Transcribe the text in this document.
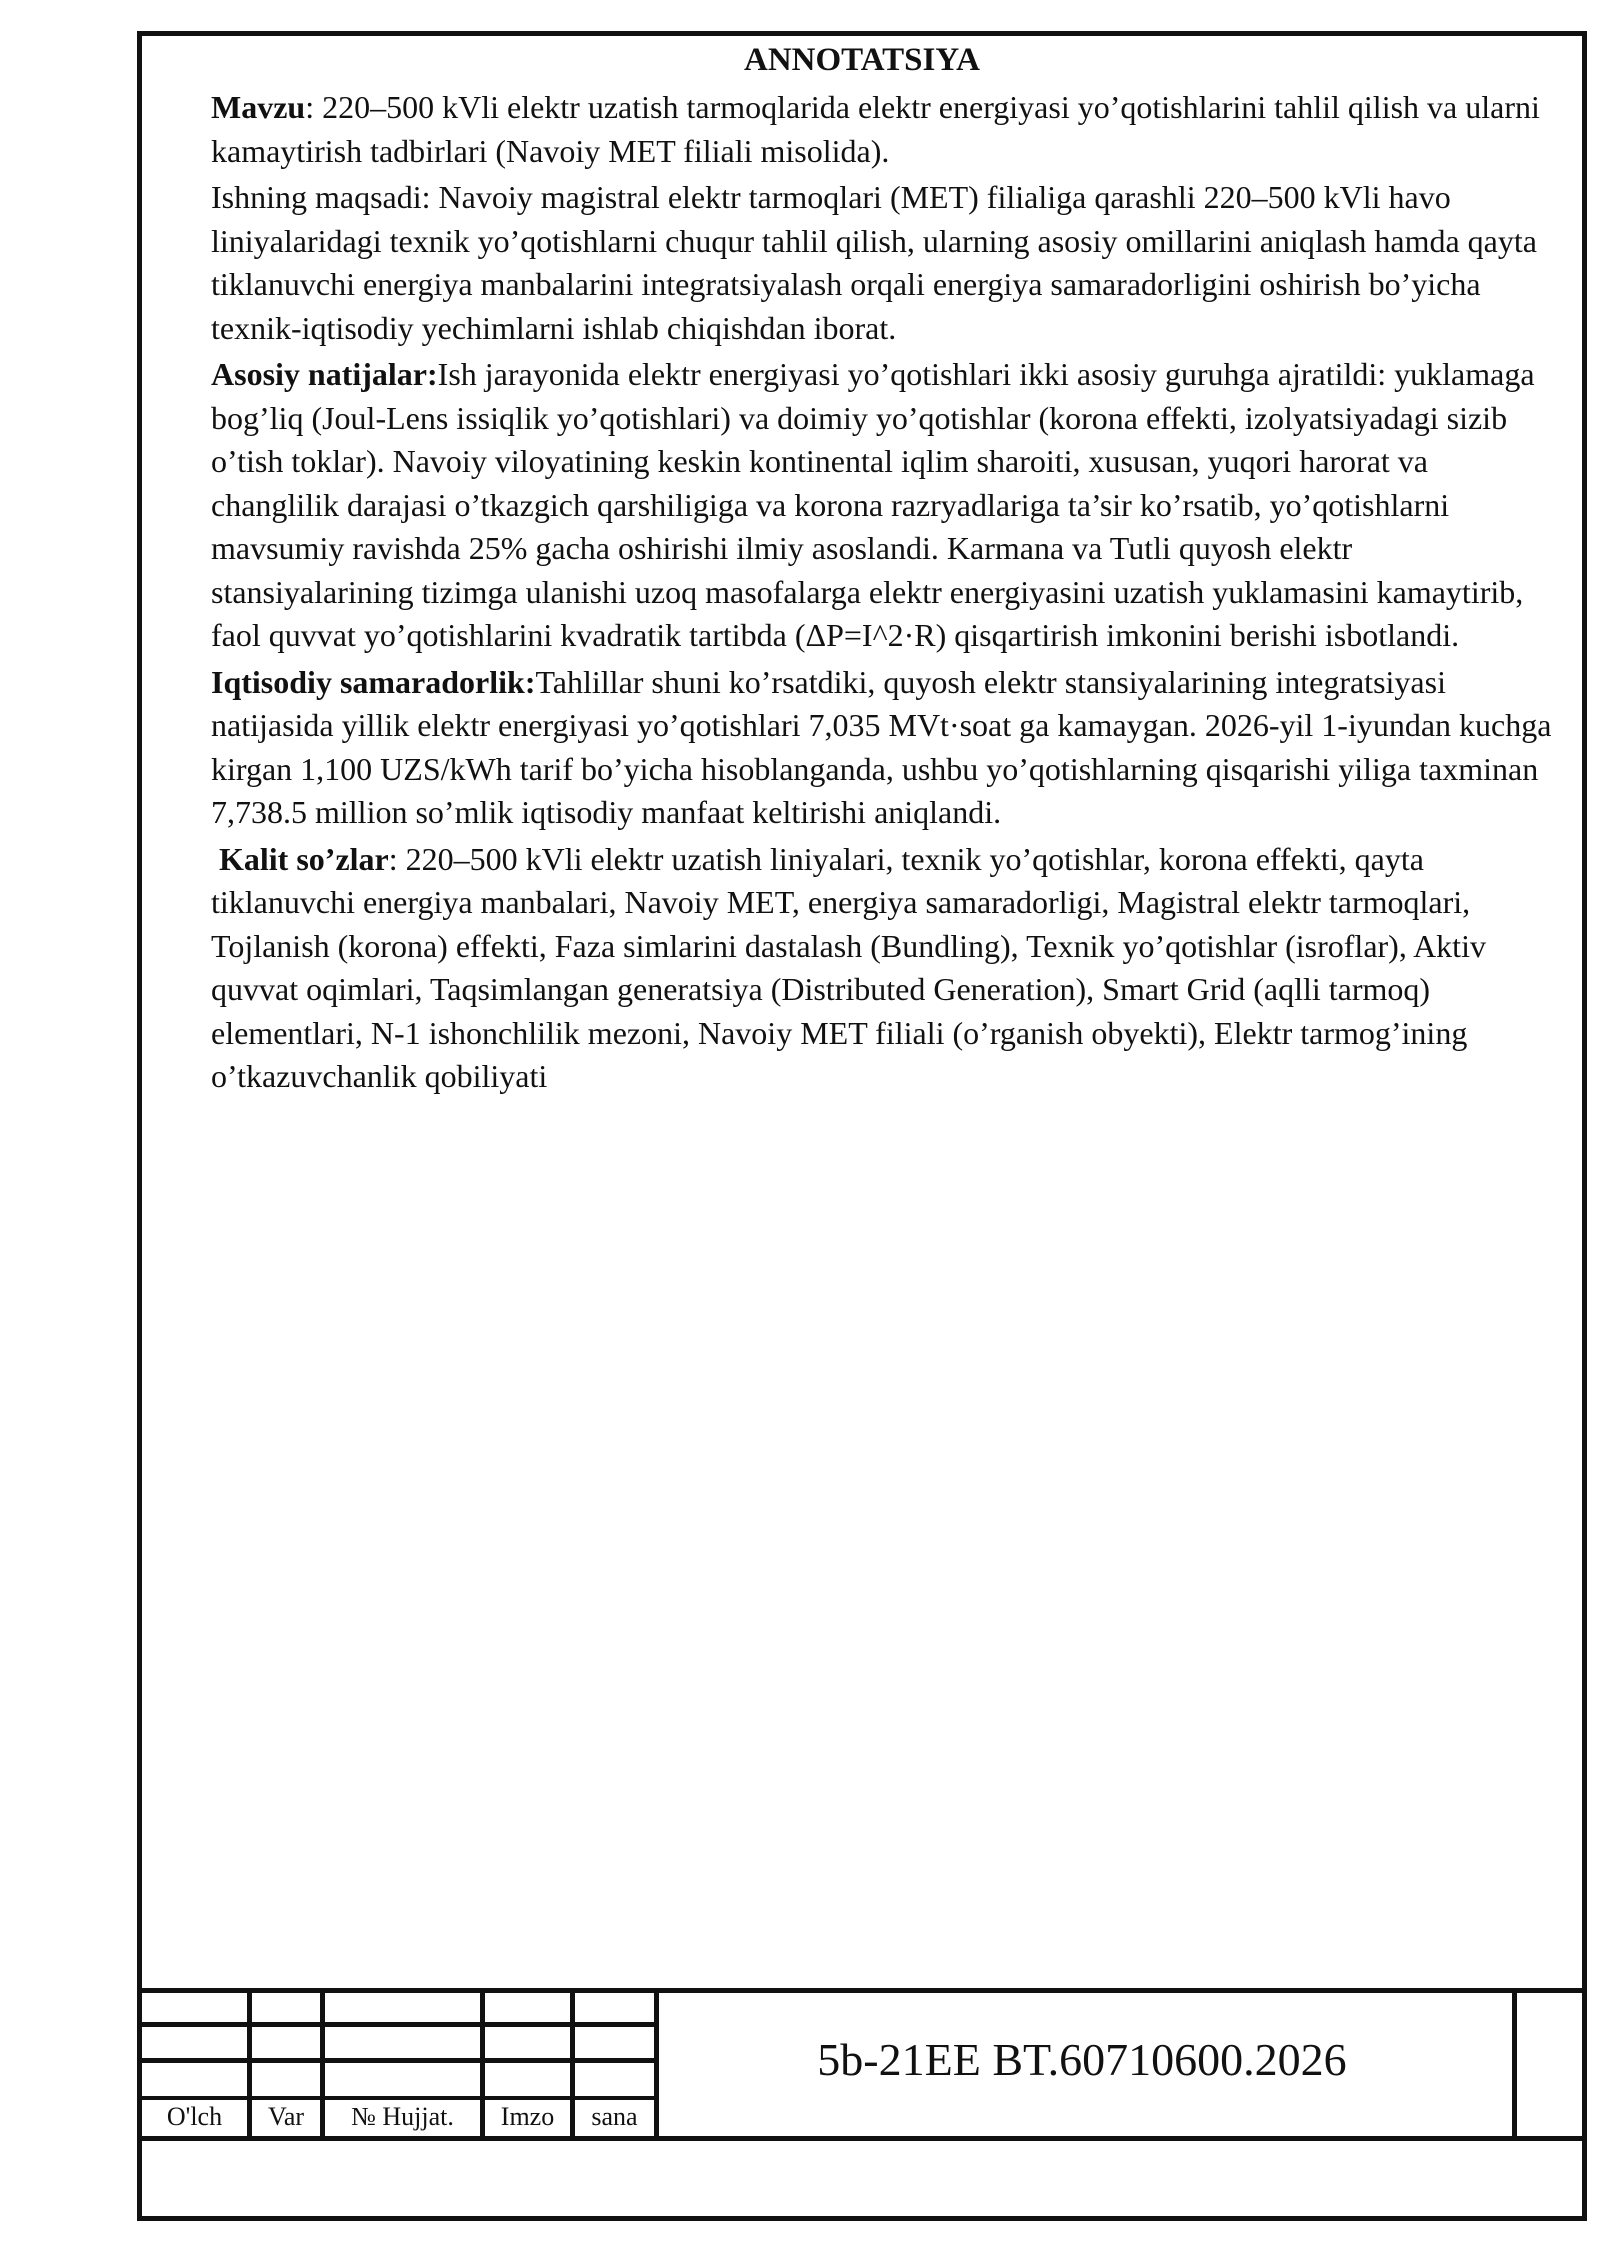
ANNOTATSIYA

Mavzu: 220–500 kVli elektr uzatish tarmoqlarida elektr energiyasi yo’qotishlarini tahlil qilish va ularni kamaytirish tadbirlari (Navoiy MET filiali misolida).

Ishning maqsadi: Navoiy magistral elektr tarmoqlari (MET) filialiga qarashli 220–500 kVli havo liniyalaridagi texnik yo’qotishlarni chuqur tahlil qilish, ularning asosiy omillarini aniqlash hamda qayta tiklanuvchi energiya manbalarini integratsiyalash orqali energiya samaradorligini oshirish bo’yicha texnik-iqtisodiy yechimlarni ishlab chiqishdan iborat.

Asosiy natijalar:Ish jarayonida elektr energiyasi yo’qotishlari ikki asosiy guruhga ajratildi: yuklamaga bog’liq (Joul-Lens issiqlik yo’qotishlari) va doimiy yo’qotishlar (korona effekti, izolyatsiyadagi sizib o’tish toklar). Navoiy viloyatining keskin kontinental iqlim sharoiti, xususan, yuqori harorat va changlilik darajasi o’tkazgich qarshiligiga va korona razryadlariga ta’sir ko’rsatib, yo’qotishlarni mavsumiy ravishda 25% gacha oshirishi ilmiy asoslandi. Karmana va Tutli quyosh elektr stansiyalarining tizimga ulanishi uzoq masofalarga elektr energiyasini uzatish yuklamasini kamaytirib, faol quvvat yo’qotishlarini kvadratik tartibda (ΔP=I^2·R) qisqartirish imkonini berishi isbotlandi.

Iqtisodiy samaradorlik:Tahlillar shuni ko’rsatdiki, quyosh elektr stansiyalarining integratsiyasi natijasida yillik elektr energiyasi yo’qotishlari 7,035 MVt·soat ga kamaygan. 2026-yil 1-iyundan kuchga kirgan 1,100 UZS/kWh tarif bo’yicha hisoblanganda, ushbu yo’qotishlarning qisqarishi yiliga taxminan 7,738.5 million so’mlik iqtisodiy manfaat keltirishi aniqlandi.

Kalit so’zlar: 220–500 kVli elektr uzatish liniyalari, texnik yo’qotishlar, korona effekti, qayta tiklanuvchi energiya manbalari, Navoiy MET, energiya samaradorligi, Magistral elektr tarmoqlari, Tojlanish (korona) effekti, Faza simlarini dastalash (Bundling), Texnik yo’qotishlar (isroflar), Aktiv quvvat oqimlari, Taqsimlangan generatsiya (Distributed Generation), Smart Grid (aqlli tarmoq) elementlari, N-1 ishonchlilik mezoni, Navoiy MET filiali (o’rganish obyekti), Elektr tarmog’ining o’tkazuvchanlik qobiliyati

O'lch	Var	№ Hujjat.	Imzo	sana
5b-21EE BT.60710600.2026
